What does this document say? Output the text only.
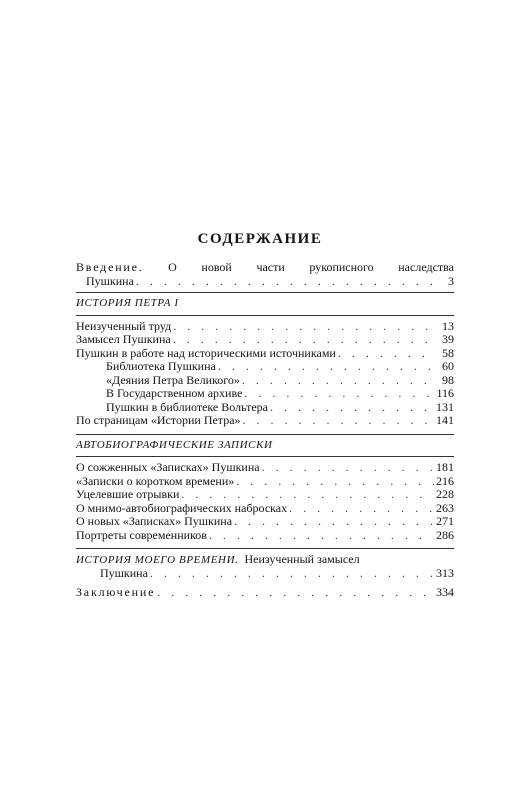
СОДЕРЖАНИЕ
Введение. О новой части рукописного наследства
Пушкина . . .	3
ИСТОРИЯ ПЕТРА I
Неизученный труд . . .	13
Замысел Пушкина . . .	39
Пушкин в работе над историческими источниками . . .	58
Библиотека Пушкина . . .	60
«Деяния Петра Великого» . . .	98
В Государственном архиве . . .	116
Пушкин в библиотеке Вольтера . . .	131
По страницам «Истории Петра» . . .	141
АВТОБИОГРАФИЧЕСКИЕ ЗАПИСКИ
О сожженных «Записках» Пушкина . . .	181
«Записки о коротком времени» . . .	216
Уцелевшие отрывки . . .	228
О мнимо-автобиографических набросках . . .	263
О новых «Записках» Пушкина . . .	271
Портреты современников . . .	286
ИСТОРИЯ МОЕГО ВРЕМЕНИ. Неизученный замысел
Пушкина . . .	313
Заключение . . .	334
